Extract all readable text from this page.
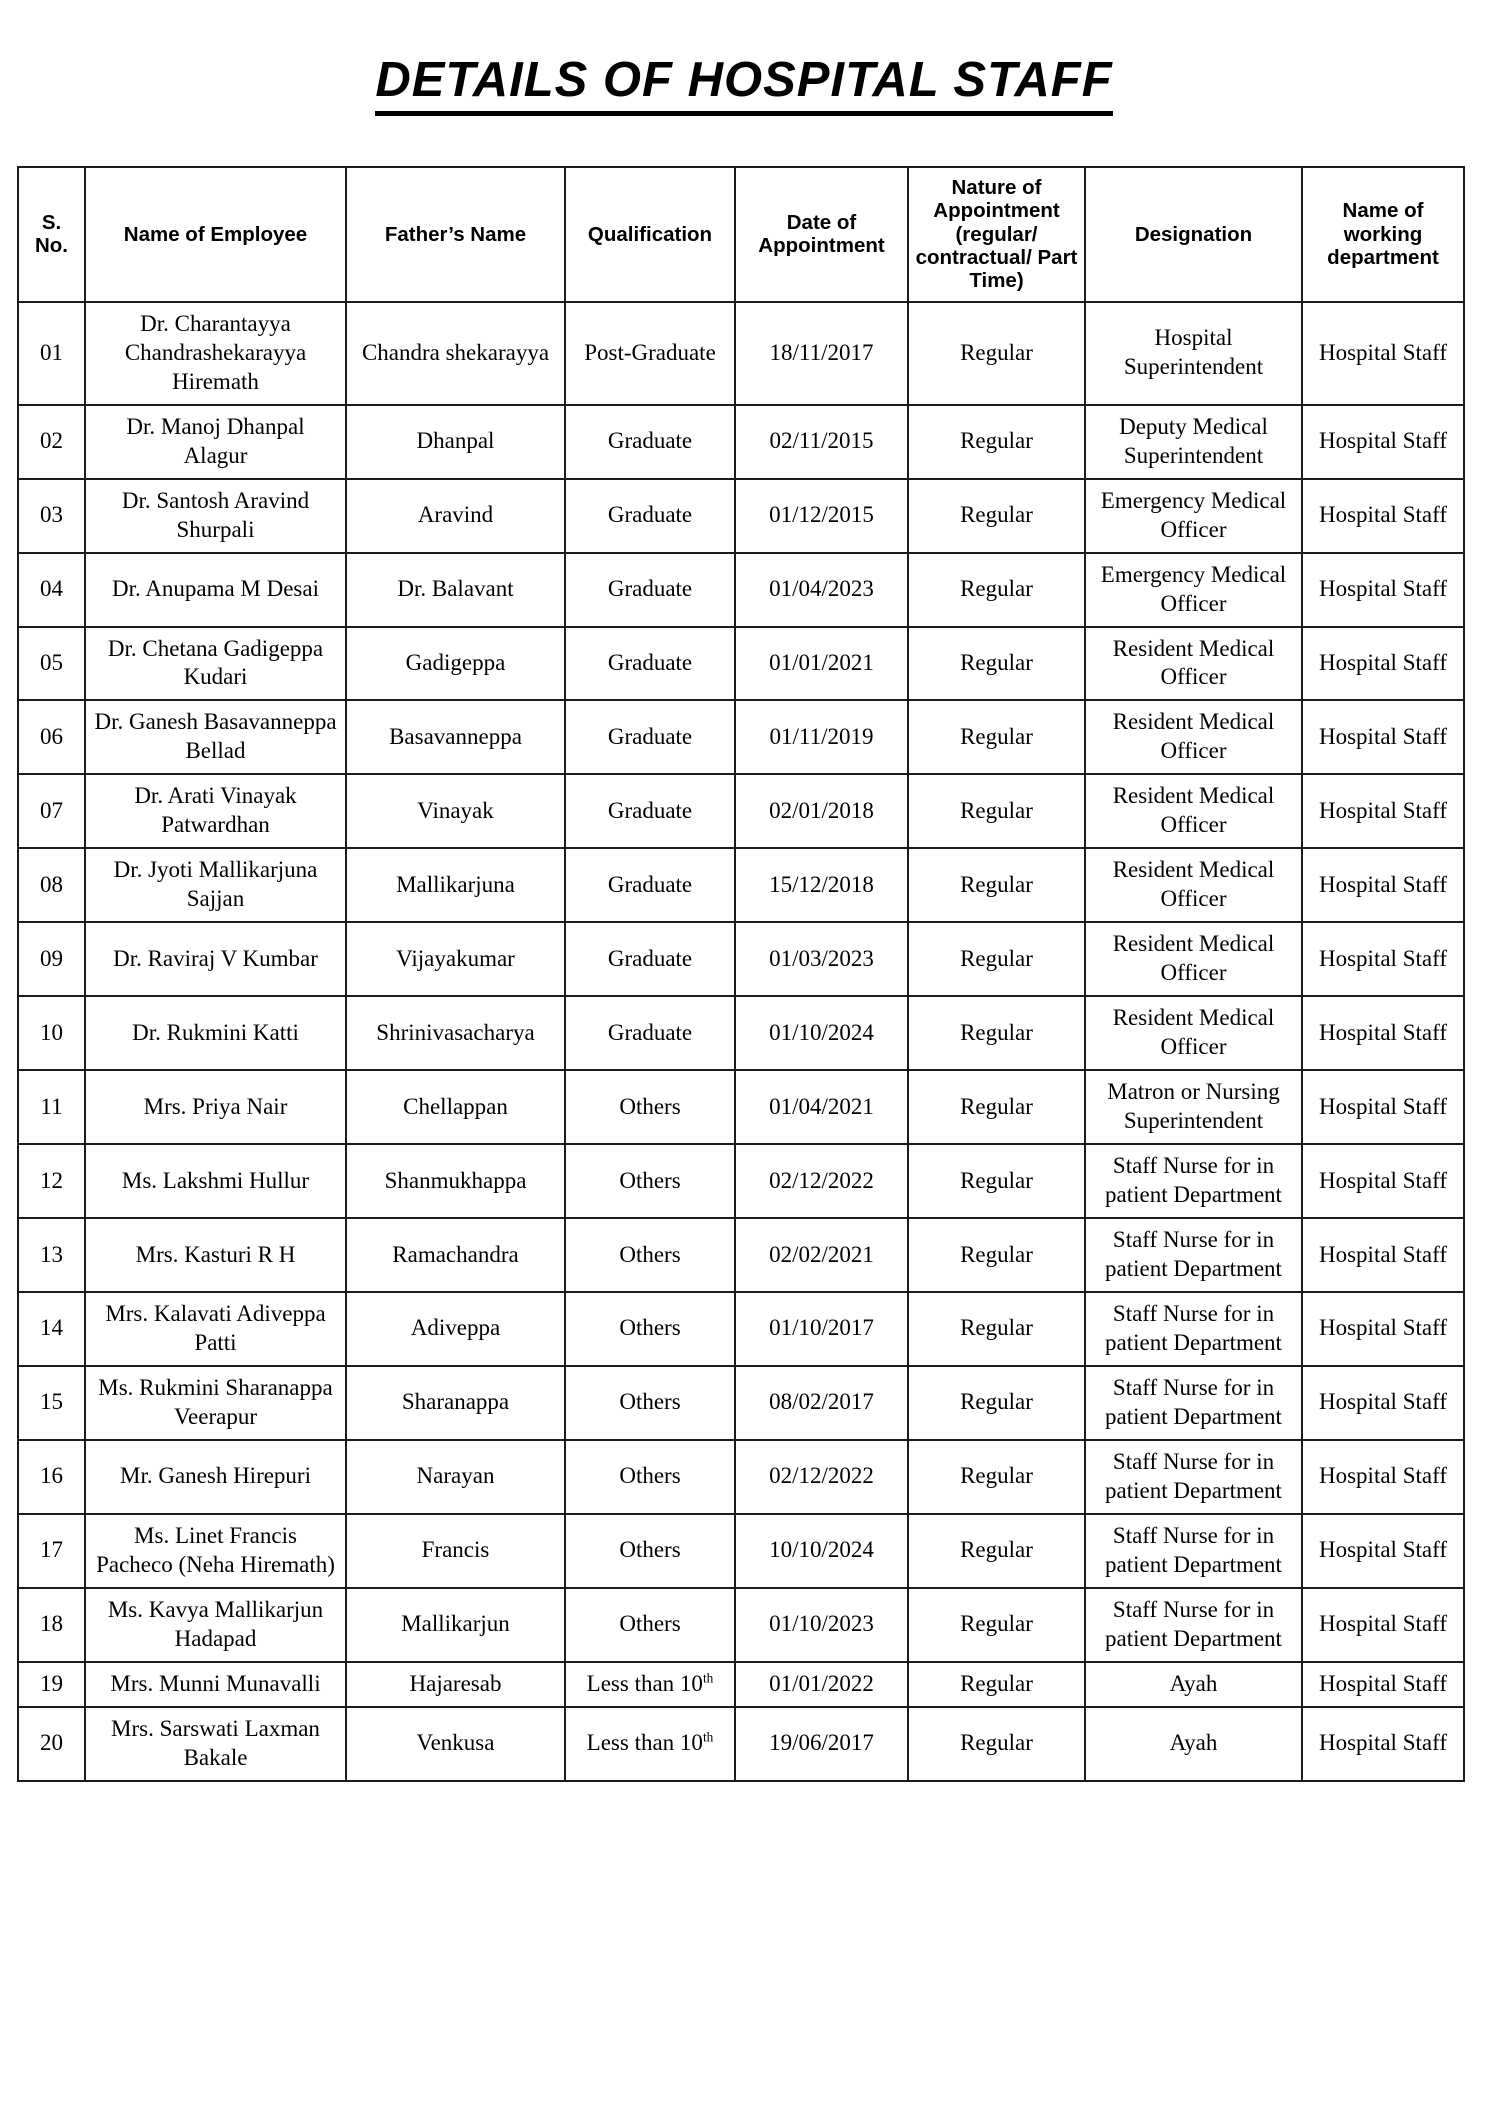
DETAILS OF HOSPITAL STAFF
S. No.	Name of Employee	Father’s Name	Qualification	Date of Appointment	Nature of Appointment (regular/ contractual/ Part Time)	Designation	Name of working department
01	Dr. Charantayya Chandrashekarayya Hiremath	Chandra shekarayya	Post-Graduate	18/11/2017	Regular	Hospital Superintendent	Hospital Staff
02	Dr. Manoj Dhanpal Alagur	Dhanpal	Graduate	02/11/2015	Regular	Deputy Medical Superintendent	Hospital Staff
03	Dr. Santosh Aravind Shurpali	Aravind	Graduate	01/12/2015	Regular	Emergency Medical Officer	Hospital Staff
04	Dr. Anupama M Desai	Dr. Balavant	Graduate	01/04/2023	Regular	Emergency Medical Officer	Hospital Staff
05	Dr. Chetana Gadigeppa Kudari	Gadigeppa	Graduate	01/01/2021	Regular	Resident Medical Officer	Hospital Staff
06	Dr. Ganesh Basavanneppa Bellad	Basavanneppa	Graduate	01/11/2019	Regular	Resident Medical Officer	Hospital Staff
07	Dr. Arati Vinayak Patwardhan	Vinayak	Graduate	02/01/2018	Regular	Resident Medical Officer	Hospital Staff
08	Dr. Jyoti Mallikarjuna Sajjan	Mallikarjuna	Graduate	15/12/2018	Regular	Resident Medical Officer	Hospital Staff
09	Dr. Raviraj V Kumbar	Vijayakumar	Graduate	01/03/2023	Regular	Resident Medical Officer	Hospital Staff
10	Dr. Rukmini Katti	Shrinivasacharya	Graduate	01/10/2024	Regular	Resident Medical Officer	Hospital Staff
11	Mrs. Priya Nair	Chellappan	Others	01/04/2021	Regular	Matron or Nursing Superintendent	Hospital Staff
12	Ms. Lakshmi Hullur	Shanmukhappa	Others	02/12/2022	Regular	Staff Nurse for in patient Department	Hospital Staff
13	Mrs. Kasturi R H	Ramachandra	Others	02/02/2021	Regular	Staff Nurse for in patient Department	Hospital Staff
14	Mrs. Kalavati Adiveppa Patti	Adiveppa	Others	01/10/2017	Regular	Staff Nurse for in patient Department	Hospital Staff
15	Ms. Rukmini Sharanappa Veerapur	Sharanappa	Others	08/02/2017	Regular	Staff Nurse for in patient Department	Hospital Staff
16	Mr. Ganesh Hirepuri	Narayan	Others	02/12/2022	Regular	Staff Nurse for in patient Department	Hospital Staff
17	Ms. Linet Francis Pacheco (Neha Hiremath)	Francis	Others	10/10/2024	Regular	Staff Nurse for in patient Department	Hospital Staff
18	Ms. Kavya Mallikarjun Hadapad	Mallikarjun	Others	01/10/2023	Regular	Staff Nurse for in patient Department	Hospital Staff
19	Mrs. Munni Munavalli	Hajaresab	Less than 10th	01/01/2022	Regular	Ayah	Hospital Staff
20	Mrs. Sarswati Laxman Bakale	Venkusa	Less than 10th	19/06/2017	Regular	Ayah	Hospital Staff
